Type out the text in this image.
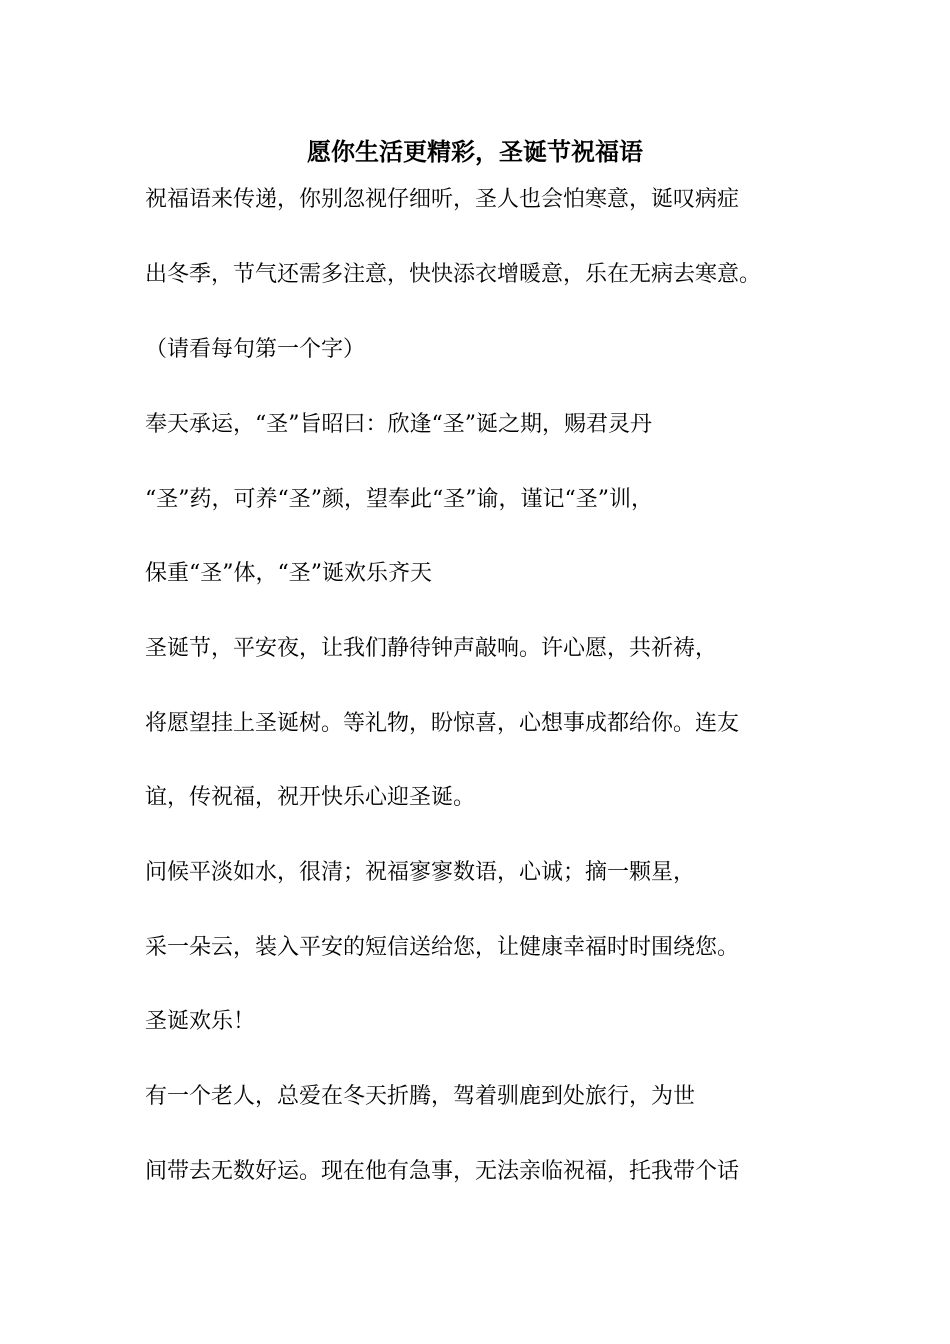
愿你生活更精彩，圣诞节祝福语

祝福语来传递，你别忽视仔细听，圣人也会怕寒意，诞叹病症

出冬季，节气还需多注意，快快添衣增暖意，乐在无病去寒意。

（请看每句第一个字）

奉天承运，“圣”旨昭曰：欣逢“圣”诞之期，赐君灵丹

“圣”药，可养“圣”颜，望奉此“圣”谕，谨记“圣”训，

保重“圣”体，“圣”诞欢乐齐天

圣诞节，平安夜，让我们静待钟声敲响。许心愿，共祈祷，

将愿望挂上圣诞树。等礼物，盼惊喜，心想事成都给你。连友

谊，传祝福，祝开快乐心迎圣诞。

问候平淡如水，很清；祝福寥寥数语，心诚；摘一颗星，

采一朵云，装入平安的短信送给您，让健康幸福时时围绕您。

圣诞欢乐！

有一个老人，总爱在冬天折腾，驾着驯鹿到处旅行，为世

间带去无数好运。现在他有急事，无法亲临祝福，托我带个话
